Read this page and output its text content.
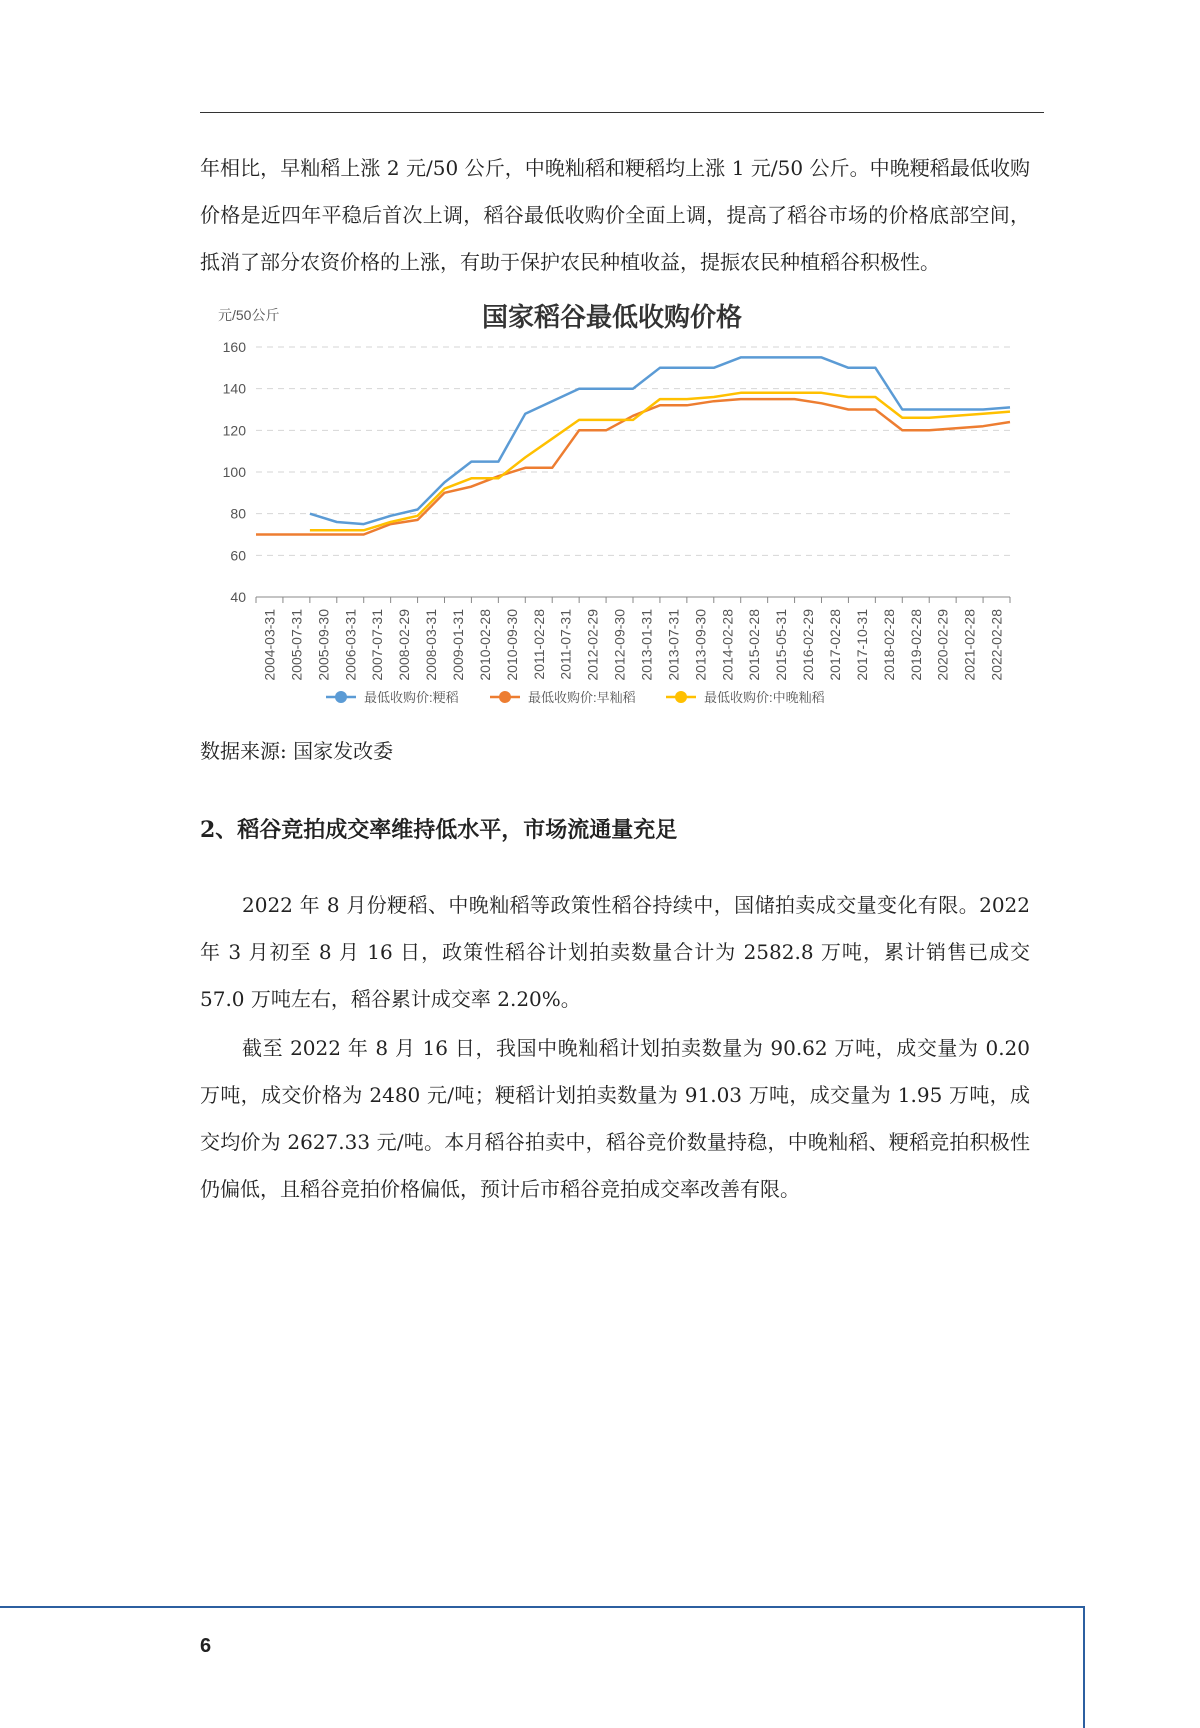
年相比，早籼稻上涨 2 元/50 公斤，中晚籼稻和粳稻均上涨 1 元/50 公斤。中晚粳稻最低收购价格是近四年平稳后首次上调，稻谷最低收购价全面上调，提高了稻谷市场的价格底部空间，抵消了部分农资价格的上涨，有助于保护农民种植收益，提振农民种植稻谷积极性。

元/50公斤	国家稻谷最低收购价格
40
60
80
100
120
140
160
2004-03-31 2005-07-31 2005-09-30 2006-03-31 2007-07-31 2008-02-29 2008-03-31 2009-01-31 2010-02-28 2010-09-30 2011-02-28 2011-07-31 2012-02-29 2012-09-30 2013-01-31 2013-07-31 2013-09-30 2014-02-28 2015-02-28 2015-05-31 2016-02-29 2017-02-28 2017-10-31 2018-02-28 2019-02-28 2020-02-29 2021-02-28 2022-02-28
最低收购价:粳稻	最低收购价:早籼稻	最低收购价:中晚籼稻
数据来源: 国家发改委
2、稻谷竞拍成交率维持低水平，市场流通量充足

2022 年 8 月份粳稻、中晚籼稻等政策性稻谷持续中，国储拍卖成交量变化有限。2022 年 3 月初至 8 月 16 日，政策性稻谷计划拍卖数量合计为 2582.8 万吨，累计销售已成交 57.0 万吨左右，稻谷累计成交率 2.20%。

截至 2022 年 8 月 16 日，我国中晚籼稻计划拍卖数量为 90.62 万吨，成交量为 0.20 万吨，成交价格为 2480 元/吨；粳稻计划拍卖数量为 91.03 万吨，成交量为 1.95 万吨，成交均价为 2627.33 元/吨。本月稻谷拍卖中，稻谷竞价数量持稳，中晚籼稻、粳稻竞拍积极性仍偏低，且稻谷竞拍价格偏低，预计后市稻谷竞拍成交率改善有限。

6
